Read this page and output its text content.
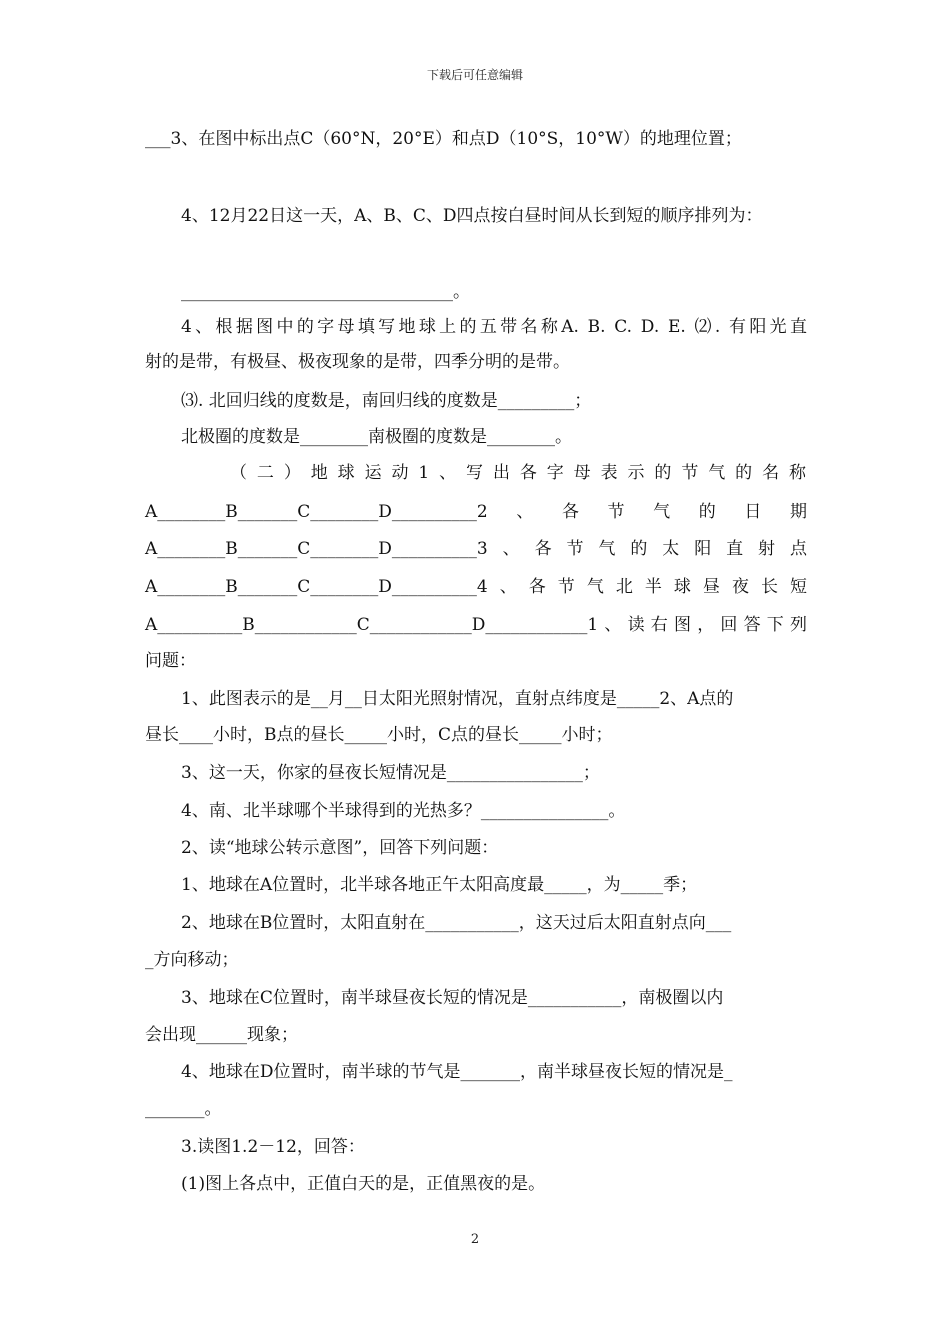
下载后可任意编辑
___3、在图中标出点C（60°N，20°E）和点D（10°S，10°W）的地理位置；
4、12月22日这一天，A、B、C、D四点按白昼时间从长到短的顺序排列为：
________________________________。
4、根据图中的字母填写地球上的五带名称A. B. C. D. E. ⑵. 有阳光直
射的是带，有极昼、极夜现象的是带，四季分明的是带。
⑶. 北回归线的度数是，南回归线的度数是_________；
北极圈的度数是________南极圈的度数是________。
（二）地球运动1、写出各字母表示的节气的名称
A________B_______C________D__________2、各节气的日期
A________B_______C________D__________3、各节气的太阳直射点
A________B_______C________D__________4、各节气北半球昼夜长短
A__________B____________C____________D____________1、读右图，回答下列
问题：
1、此图表示的是__月__日太阳光照射情况，直射点纬度是_____2、A点的
昼长____小时，B点的昼长_____小时，C点的昼长_____小时；
3、这一天，你家的昼夜长短情况是________________；
4、南、北半球哪个半球得到的光热多？_______________。
2、读“地球公转示意图”，回答下列问题：
1、地球在A位置时，北半球各地正午太阳高度最_____，为_____季；
2、地球在B位置时，太阳直射在___________，这天过后太阳直射点向___
_方向移动；
3、地球在C位置时，南半球昼夜长短的情况是___________，南极圈以内
会出现______现象；
4、地球在D位置时，南半球的节气是_______，南半球昼夜长短的情况是_
_______。
3.读图1.2－12，回答：
(1)图上各点中，正值白天的是，正值黑夜的是。
2
